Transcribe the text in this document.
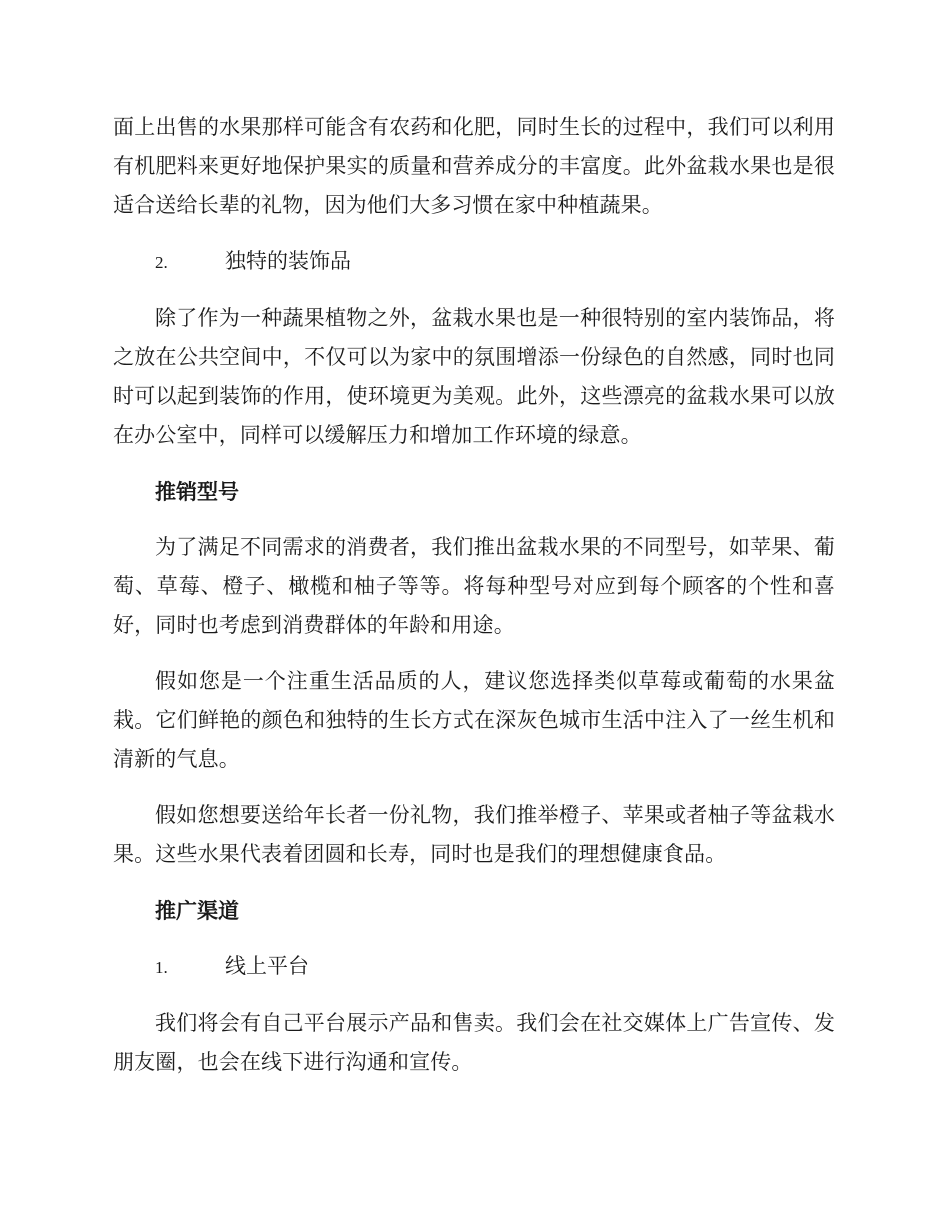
面上出售的水果那样可能含有农药和化肥，同时生长的过程中，我们可以利用有机肥料来更好地保护果实的质量和营养成分的丰富度。此外盆栽水果也是很适合送给长辈的礼物，因为他们大多习惯在家中种植蔬果。

2.	独特的装饰品

除了作为一种蔬果植物之外，盆栽水果也是一种很特别的室内装饰品，将之放在公共空间中，不仅可以为家中的氛围增添一份绿色的自然感，同时也同时可以起到装饰的作用，使环境更为美观。此外，这些漂亮的盆栽水果可以放在办公室中，同样可以缓解压力和增加工作环境的绿意。

推销型号

为了满足不同需求的消费者，我们推出盆栽水果的不同型号，如苹果、葡萄、草莓、橙子、橄榄和柚子等等。将每种型号对应到每个顾客的个性和喜好，同时也考虑到消费群体的年龄和用途。

假如您是一个注重生活品质的人，建议您选择类似草莓或葡萄的水果盆栽。它们鲜艳的颜色和独特的生长方式在深灰色城市生活中注入了一丝生机和清新的气息。

假如您想要送给年长者一份礼物，我们推举橙子、苹果或者柚子等盆栽水果。这些水果代表着团圆和长寿，同时也是我们的理想健康食品。

推广渠道
1.	线上平台

我们将会有自己平台展示产品和售卖。我们会在社交媒体上广告宣传、发朋友圈，也会在线下进行沟通和宣传。
